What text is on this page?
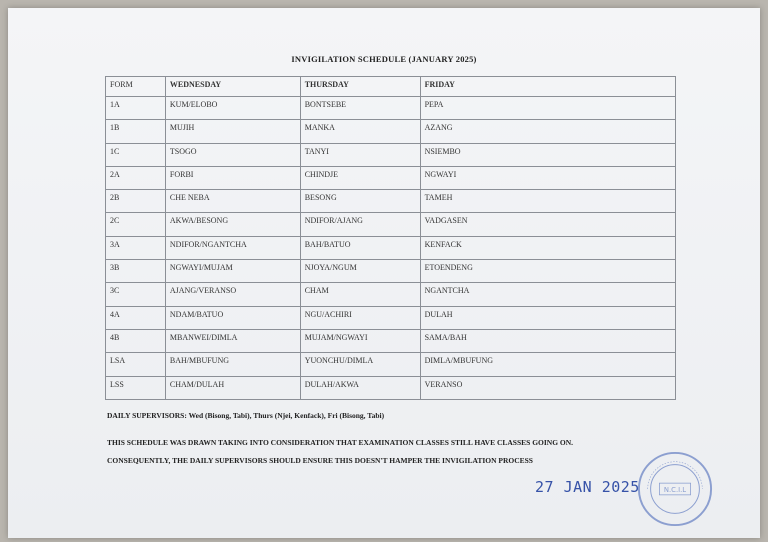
INVIGILATION SCHEDULE (JANUARY 2025)
FORM	WEDNESDAY	THURSDAY	FRIDAY
1A	KUM/ELOBO	BONTSEBE	PEPA
1B	MUJIH	MANKA	AZANG
1C	TSOGO	TANYI	NSIEMBO
2A	FORBI	CHINDJE	NGWAYI
2B	CHE NEBA	BESONG	TAMEH
2C	AKWA/BESONG	NDIFOR/AJANG	VADGASEN
3A	NDIFOR/NGANTCHA	BAH/BATUO	KENFACK
3B	NGWAYI/MUJAM	NJOYA/NGUM	ETOENDENG
3C	AJANG/VERANSO	CHAM	NGANTCHA
4A	NDAM/BATUO	NGU/ACHIRI	DULAH
4B	MBANWEI/DIMLA	MUJAM/NGWAYI	SAMA/BAH
LSA	BAH/MBUFUNG	YUONCHU/DIMLA	DIMLA/MBUFUNG
LSS	CHAM/DULAH	DULAH/AKWA	VERANSO
DAILY SUPERVISORS: Wed (Bisong, Tabi), Thurs (Njei, Kenfack), Fri (Bisong, Tabi)
THIS SCHEDULE WAS DRAWN TAKING INTO CONSIDERATION THAT EXAMINATION CLASSES STILL HAVE CLASSES GOING ON.
CONSEQUENTLY, THE DAILY SUPERVISORS SHOULD ENSURE THIS DOESN'T HAMPER THE INVIGILATION PROCESS
27 JAN 2025	N.C.I.L
